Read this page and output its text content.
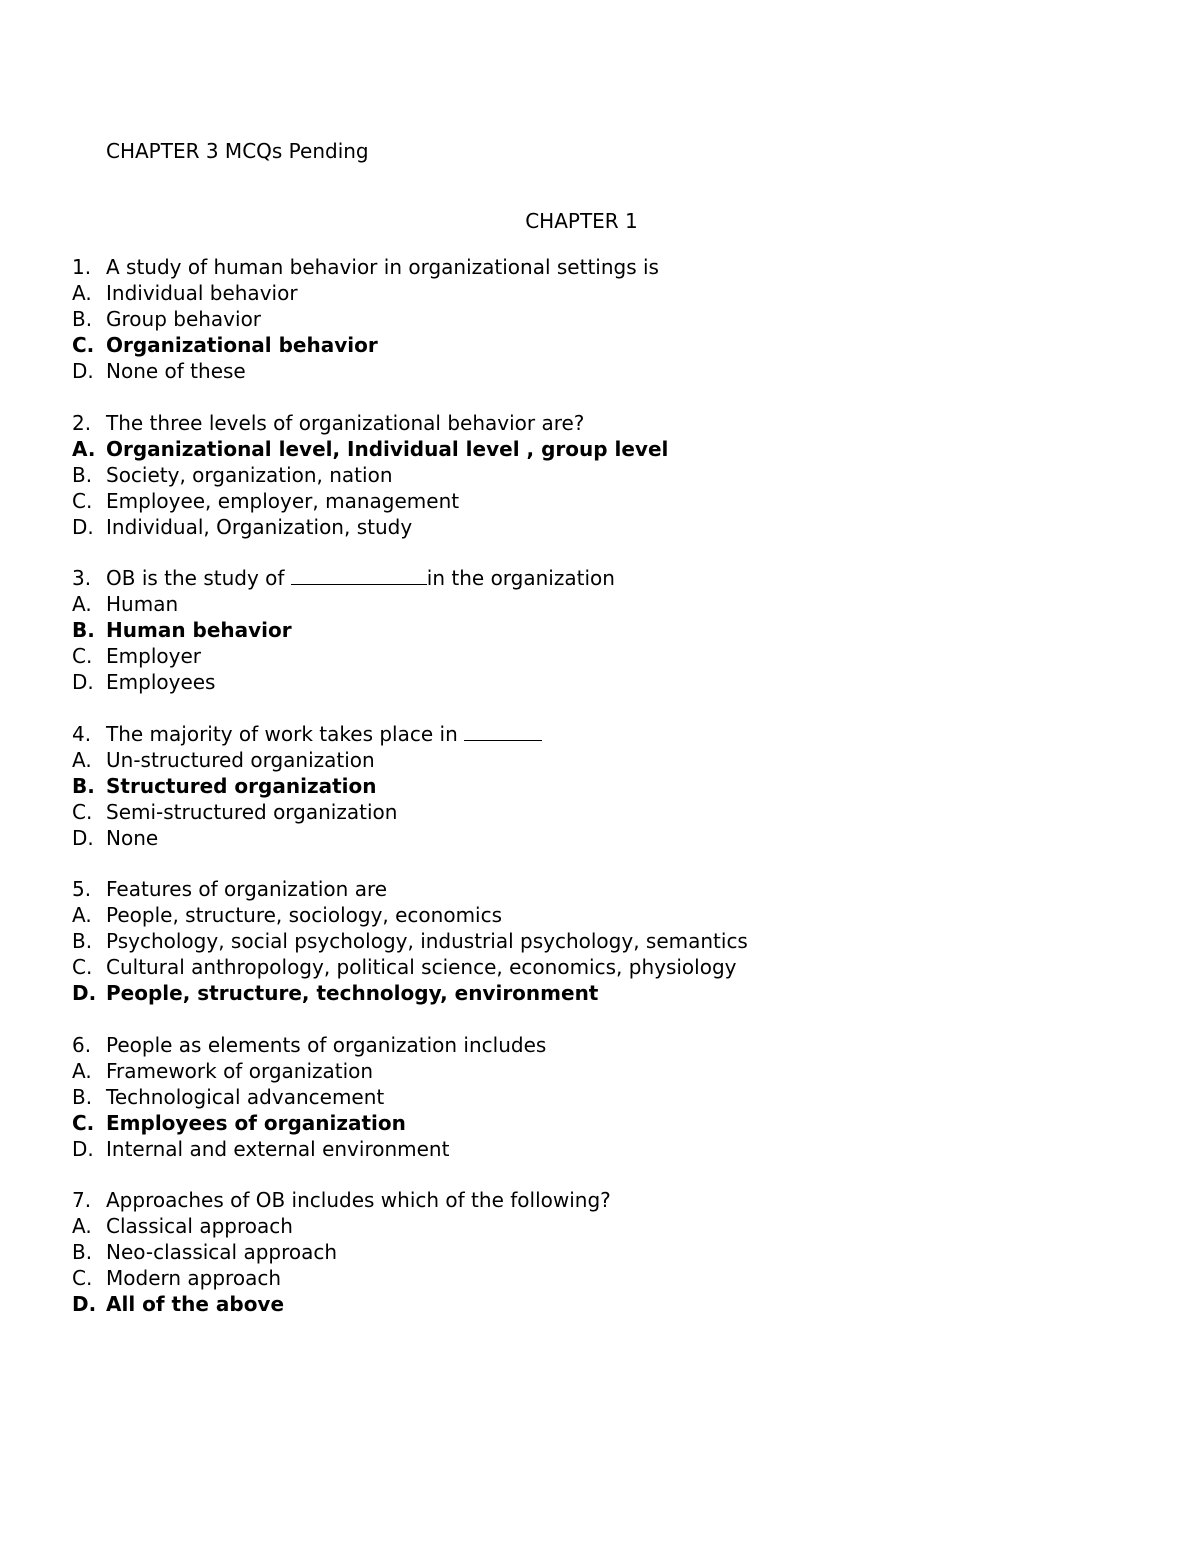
CHAPTER 3 MCQs Pending
CHAPTER 1
1. A study of human behavior in organizational settings is
A. Individual behavior
B. Group behavior
C. Organizational behavior
D. None of these
2. The three levels of organizational behavior are?
A. Organizational level, Individual level , group level
B. Society, organization, nation
C. Employee, employer, management
D. Individual, Organization, study
3. OB is the study of	in the organization
A. Human
B. Human behavior
C. Employer
D. Employees
4. The majority of work takes place in
A. Un-structured organization
B. Structured organization
C. Semi-structured organization
D. None
5. Features of organization are
A. People, structure, sociology, economics
B. Psychology, social psychology, industrial psychology, semantics
C. Cultural anthropology, political science, economics, physiology
D. People, structure, technology, environment
6. People as elements of organization includes
A. Framework of organization
B. Technological advancement
C. Employees of organization
D. Internal and external environment
7. Approaches of OB includes which of the following?
A. Classical approach
B. Neo-classical approach
C. Modern approach
D. All of the above
